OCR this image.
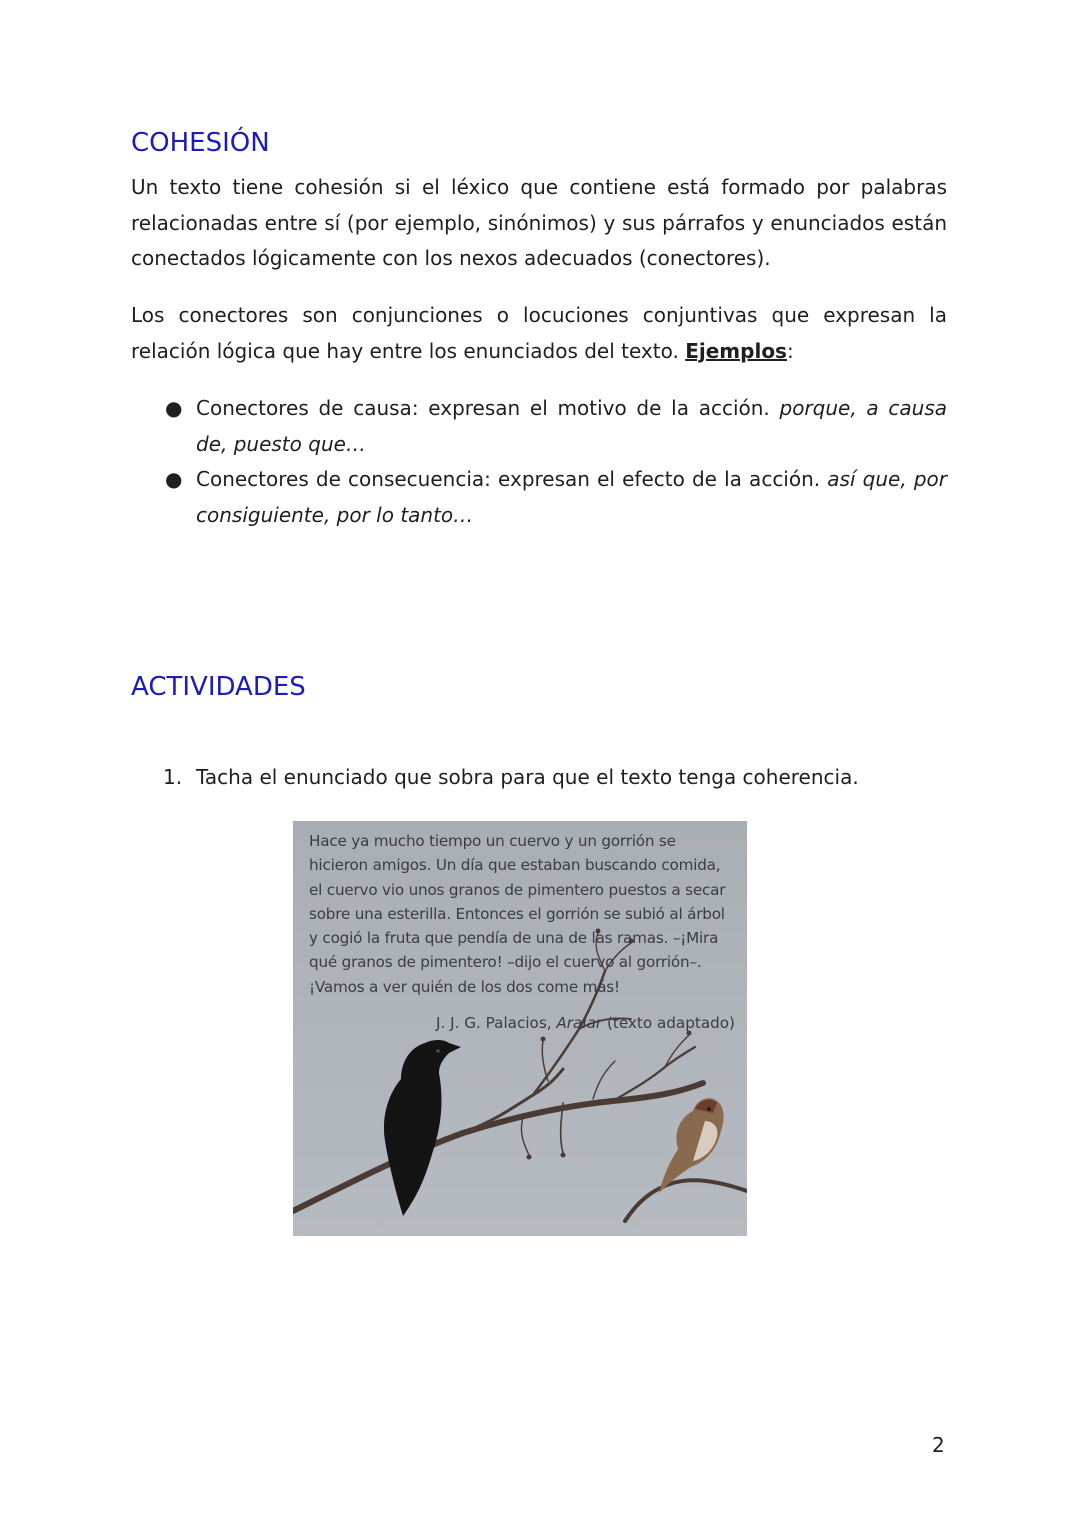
COHESIÓN

Un texto tiene cohesión si el léxico que contiene está formado por palabras relacionadas entre sí (por ejemplo, sinónimos) y sus párrafos y enunciados están conectados lógicamente con los nexos adecuados (conectores).

Los conectores son conjunciones o locuciones conjuntivas que expresan la relación lógica que hay entre los enunciados del texto. Ejemplos:

● Conectores de causa: expresan el motivo de la acción. porque, a causa de, puesto que…
● Conectores de consecuencia: expresan el efecto de la acción. así que, por consiguiente, por lo tanto…
ACTIVIDADES

1. Tacha el enunciado que sobra para que el texto tenga coherencia.

Hace ya mucho tiempo un cuervo y un gorrión se hicieron amigos. Un día que estaban buscando comida, el cuervo vio unos granos de pimentero puestos a secar sobre una esterilla. Entonces el gorrión se subió al árbol y cogió la fruta que pendía de una de las ramas. –¡Mira qué granos de pimentero! –dijo el cuervo al gorrión–. ¡Vamos a ver quién de los dos come más!

J. J. G. Palacios, Aralar (texto adaptado)

2
